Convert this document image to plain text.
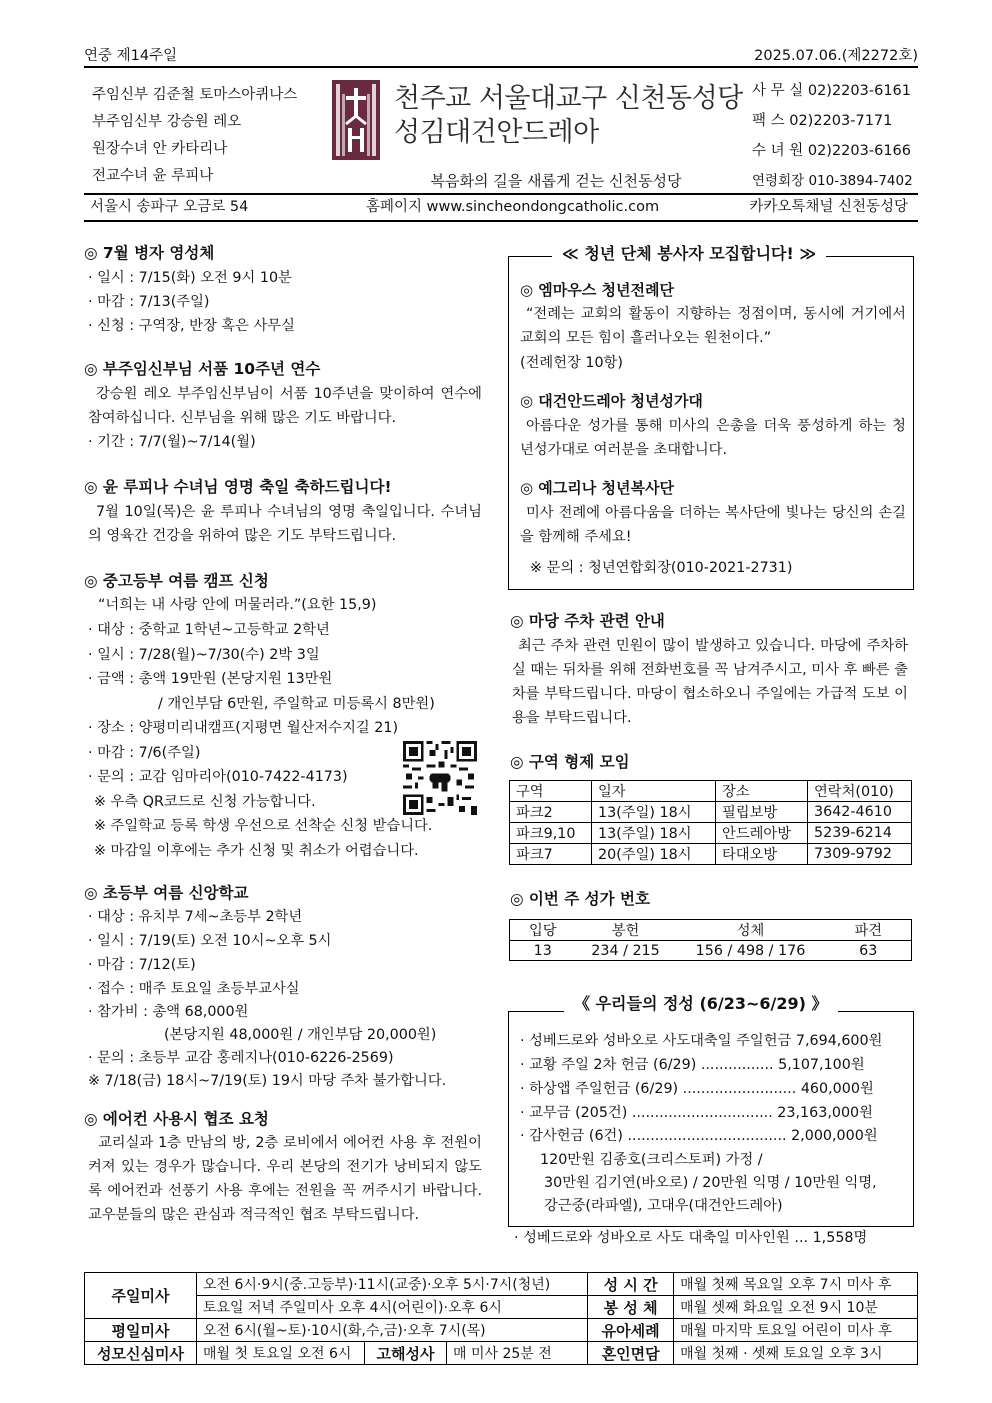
연중 제14주일	2025.07.06.(제2272호)
주임신부 김준철 토마스아퀴나스
부주임신부 강승원 레오
원장수녀 안 카타리나
전교수녀 윤 루피나
천주교 서울대교구 신천동성당
성김대건안드레아
복음화의 길을 새롭게 걷는 신천동성당
사 무 실 02)2203-6161
팩 스 02)2203-7171
수 녀 원 02)2203-6166
연령회장 010-3894-7402
서울시 송파구 오금로 54	홈페이지 www.sincheondongcatholic.com	카카오톡채널 신천동성당
◎ 7월 병자 영성체
· 일시 : 7/15(화) 오전 9시 10분
· 마감 : 7/13(주일)
· 신청 : 구역장, 반장 혹은 사무실
◎ 부주임신부님 서품 10주년 연수
강승원 레오 부주임신부님이 서품 10주년을 맞이하여 연수에 참여하십니다. 신부님을 위해 많은 기도 바랍니다.
· 기간 : 7/7(월)~7/14(월)
◎ 윤 루피나 수녀님 영명 축일 축하드립니다!
7월 10일(목)은 윤 루피나 수녀님의 영명 축일입니다. 수녀님의 영육간 건강을 위하여 많은 기도 부탁드립니다.
◎ 중고등부 여름 캠프 신청
“너희는 내 사랑 안에 머물러라.”(요한 15,9)
· 대상 : 중학교 1학년~고등학교 2학년
· 일시 : 7/28(월)~7/30(수) 2박 3일
· 금액 : 총액 19만원 (본당지원 13만원
/ 개인부담 6만원, 주일학교 미등록시 8만원)
· 장소 : 양평미리내캠프(지평면 월산저수지길 21)
· 마감 : 7/6(주일)
· 문의 : 교감 임마리아(010-7422-4173)
※ 우측 QR코드로 신청 가능합니다.
※ 주일학교 등록 학생 우선으로 선착순 신청 받습니다.
※ 마감일 이후에는 추가 신청 및 취소가 어렵습니다.
◎ 초등부 여름 신앙학교
· 대상 : 유치부 7세~초등부 2학년
· 일시 : 7/19(토) 오전 10시~오후 5시
· 마감 : 7/12(토)
· 접수 : 매주 토요일 초등부교사실
· 참가비 : 총액 68,000원
(본당지원 48,000원 / 개인부담 20,000원)
· 문의 : 초등부 교감 홍레지나(010-6226-2569)
※ 7/18(금) 18시~7/19(토) 19시 마당 주차 불가합니다.
◎ 에어컨 사용시 협조 요청
교리실과 1층 만남의 방, 2층 로비에서 에어컨 사용 후 전원이 켜져 있는 경우가 많습니다. 우리 본당의 전기가 낭비되지 않도록 에어컨과 선풍기 사용 후에는 전원을 꼭 꺼주시기 바랍니다. 교우분들의 많은 관심과 적극적인 협조 부탁드립니다.
≪ 청년 단체 봉사자 모집합니다! ≫
◎ 엠마우스 청년전례단
“전례는 교회의 활동이 지향하는 정점이며, 동시에 거기에서 교회의 모든 힘이 흘러나오는 원천이다.”
(전례헌장 10항)
◎ 대건안드레아 청년성가대
아름다운 성가를 통해 미사의 은총을 더욱 풍성하게 하는 청년성가대로 여러분을 초대합니다.
◎ 예그리나 청년복사단
미사 전례에 아름다움을 더하는 복사단에 빛나는 당신의 손길을 함께해 주세요!
※ 문의 : 청년연합회장(010-2021-2731)
◎ 마당 주차 관련 안내
최근 주차 관련 민원이 많이 발생하고 있습니다. 마당에 주차하실 때는 뒤차를 위해 전화번호를 꼭 남겨주시고, 미사 후 빠른 출차를 부탁드립니다. 마당이 협소하오니 주일에는 가급적 도보 이용을 부탁드립니다.
◎ 구역 형제 모임
구역	일자	장소	연락처(010)
파크2	13(주일) 18시	필립보방	3642-4610
파크9,10	13(주일) 18시	안드레아방	5239-6214
파크7	20(주일) 18시	타대오방	7309-9792
◎ 이번 주 성가 번호
입당	봉헌	성체	파견
13	234 / 215	156 / 498 / 176	63
《 우리들의 정성 (6/23~6/29) 》
· 성베드로와 성바오로 사도대축일 주일헌금 7,694,600원
· 교황 주일 2차 헌금 (6/29) ................ 5,107,100원
· 하상앱 주일헌금 (6/29) ......................... 460,000원
· 교무금 (205건) ............................... 23,163,000원
· 감사헌금 (6건) ................................... 2,000,000원
120만원 김종호(크리스토퍼) 가정 /
30만원 김기연(바오로) / 20만원 익명 / 10만원 익명,
강근중(라파엘), 고대우(대건안드레아)
· 성베드로와 성바오로 사도 대축일 미사인원 ... 1,558명
주일미사	오전 6시·9시(중.고등부)·11시(교중)·오후 5시·7시(청년)			성 시 간	매월 첫째 목요일 오후 7시 미사 후
	토요일 저녁 주일미사 오후 4시(어린이)·오후 6시			봉 성 체	매월 셋째 화요일 오전 9시 10분
평일미사	오전 6시(월~토)·10시(화,수,금)·오후 7시(목)			유아세례	매월 마지막 토요일 어린이 미사 후
성모신심미사	매월 첫 토요일 오전 6시	고해성사	매 미사 25분 전	혼인면담	매월 첫째 · 셋째 토요일 오후 3시
